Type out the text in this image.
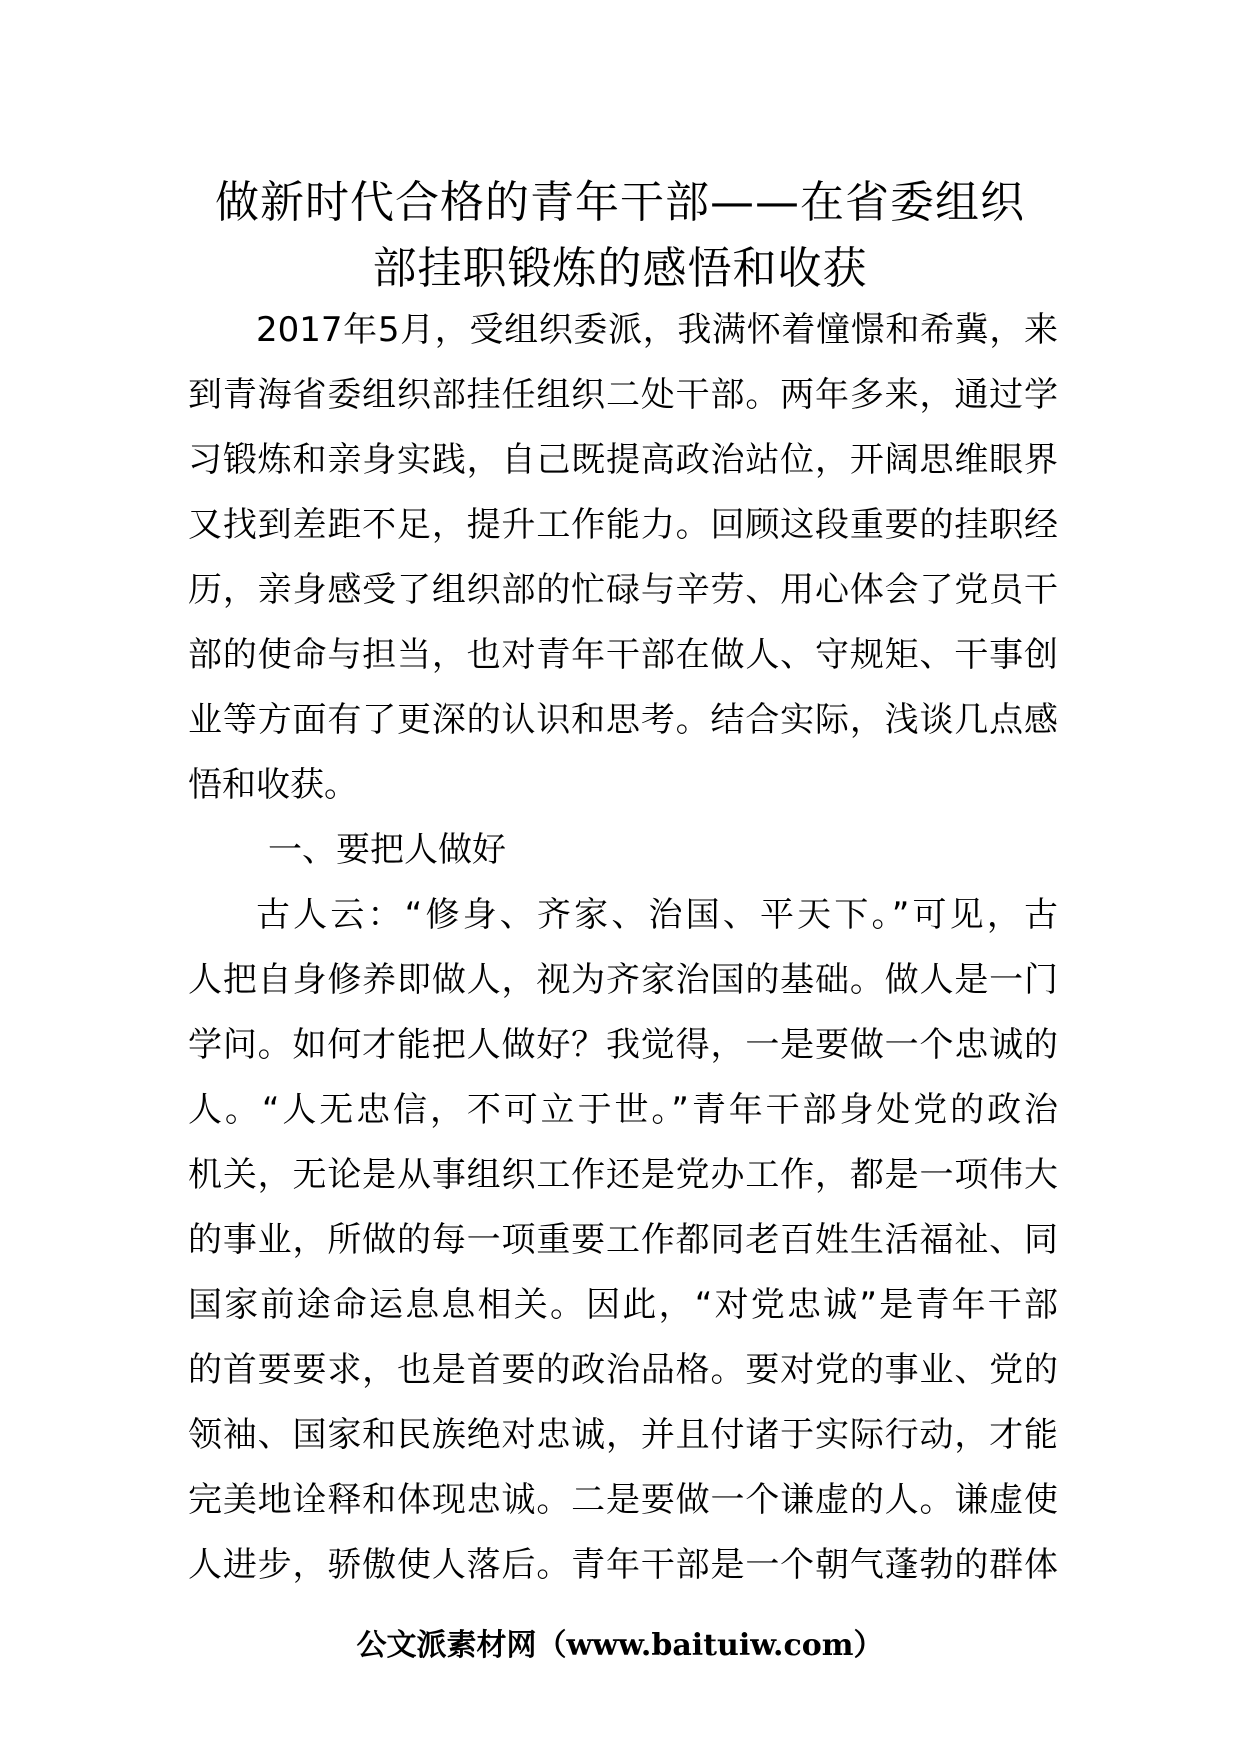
做新时代合格的青年干部——在省委组织
部挂职锻炼的感悟和收获
2017年5月，受组织委派，我满怀着憧憬和希冀，来
到青海省委组织部挂任组织二处干部。两年多来，通过学
习锻炼和亲身实践，自己既提高政治站位，开阔思维眼界
又找到差距不足，提升工作能力。回顾这段重要的挂职经
历，亲身感受了组织部的忙碌与辛劳、用心体会了党员干
部的使命与担当，也对青年干部在做人、守规矩、干事创
业等方面有了更深的认识和思考。结合实际，浅谈几点感
悟和收获。
一、要把人做好
古人云：“修身、齐家、治国、平天下。”可见，古
人把自身修养即做人，视为齐家治国的基础。做人是一门
学问。如何才能把人做好？我觉得，一是要做一个忠诚的
人。“人无忠信，不可立于世。”青年干部身处党的政治
机关，无论是从事组织工作还是党办工作，都是一项伟大
的事业，所做的每一项重要工作都同老百姓生活福祉、同
国家前途命运息息相关。因此，“对党忠诚”是青年干部
的首要要求，也是首要的政治品格。要对党的事业、党的
领袖、国家和民族绝对忠诚，并且付诸于实际行动，才能
完美地诠释和体现忠诚。二是要做一个谦虚的人。谦虚使
人进步，骄傲使人落后。青年干部是一个朝气蓬勃的群体
公文派素材网（www.baituiw.com）
